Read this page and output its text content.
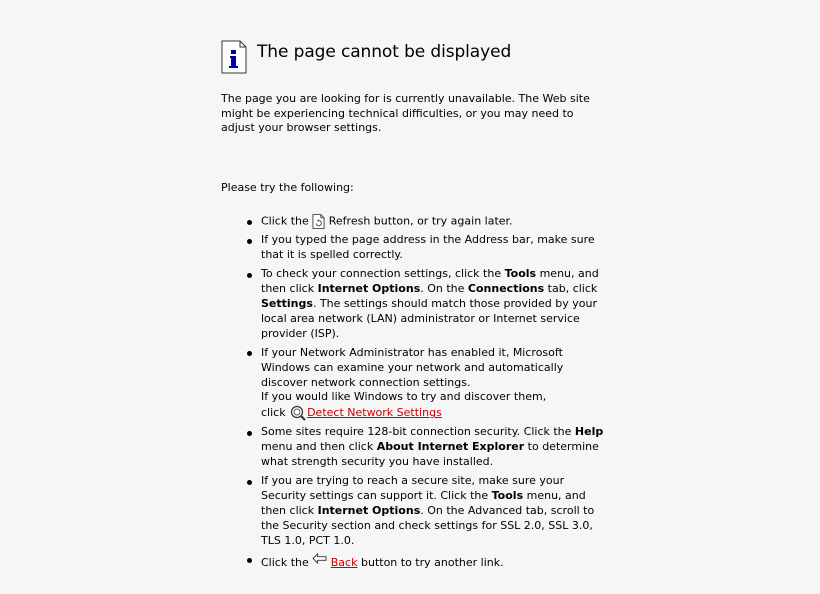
The page cannot be displayed

The page you are looking for is currently unavailable. The Web site might be experiencing technical difficulties, or you may need to adjust your browser settings.

Please try the following:

Click the Refresh button, or try again later.
If you typed the page address in the Address bar, make sure that it is spelled correctly.
To check your connection settings, click the Tools menu, and then click Internet Options. On the Connections tab, click Settings. The settings should match those provided by your local area network (LAN) administrator or Internet service provider (ISP).
If your Network Administrator has enabled it, Microsoft Windows can examine your network and automatically discover network connection settings.
If you would like Windows to try and discover them,
click Detect Network Settings
Some sites require 128-bit connection security. Click the Help menu and then click About Internet Explorer to determine what strength security you have installed.
If you are trying to reach a secure site, make sure your Security settings can support it. Click the Tools menu, and then click Internet Options. On the Advanced tab, scroll to the Security section and check settings for SSL 2.0, SSL 3.0, TLS 1.0, PCT 1.0.
Click the Back button to try another link.
